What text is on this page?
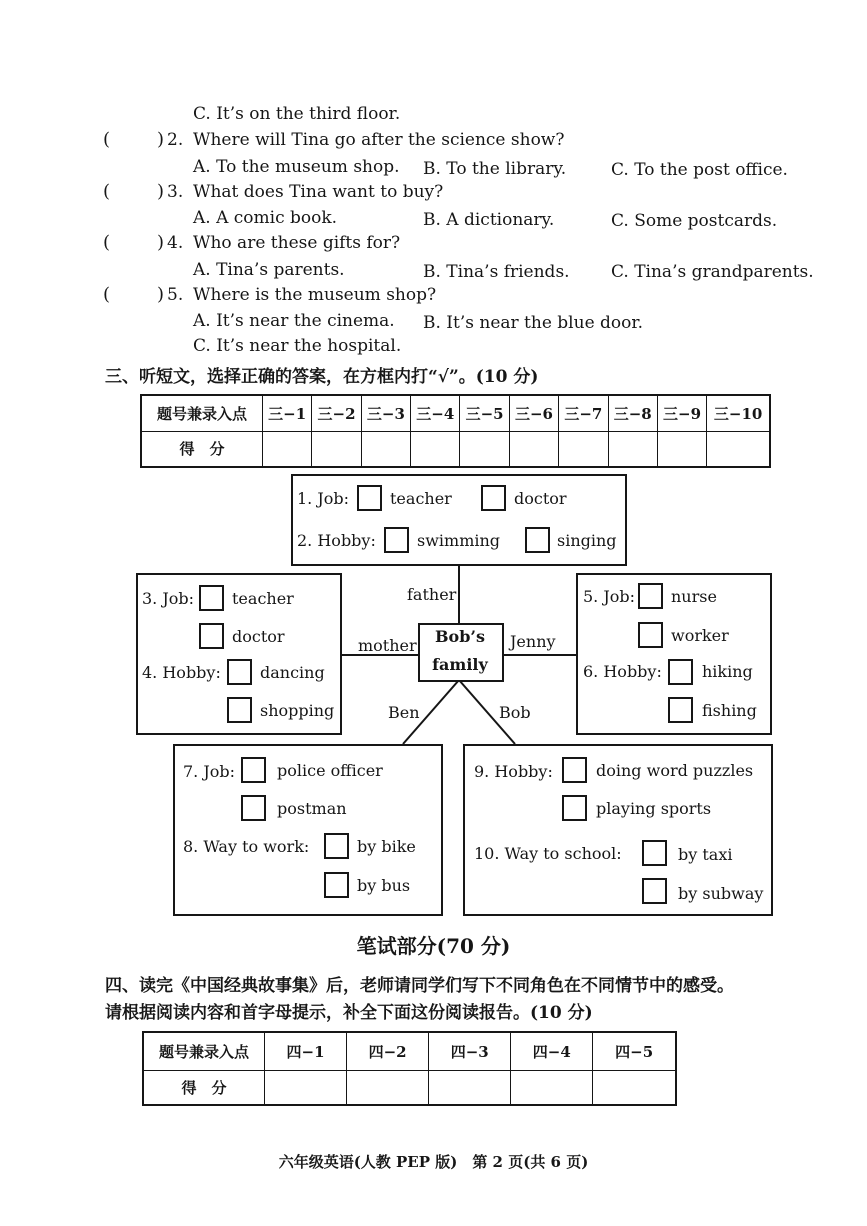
C. It’s on the third floor.
(	) 2. Where will Tina go after the science show?
A. To the museum shop. B. To the library.	C. To the post office.
(	) 3. What does Tina want to buy?
A. A comic book.	B. A dictionary.	C. Some postcards.
(	) 4. Who are these gifts for?
A. Tina’s parents.	B. Tina’s friends. C. Tina’s grandparents.
(	) 5. Where is the museum shop?
A. It’s near the cinema. B. It’s near the blue door.
C. It’s near the hospital.
三、听短文，选择正确的答案，在方框内打“√”。(10 分)
题号兼录入点	三−1	三−2	三−3	三−4	三−5	三−6	三−7	三−8	三−9	三−10
得　分										
1. Job:	teacher	doctor
2. Hobby:	swimming	singing
3. Job: teacher
doctor
4. Hobby: dancing
shopping
5. Job: nurse
worker
6. Hobby:	hiking
fishing
Bob’s
family
father
mother	Jenny
Ben	Bob
7. Job:	police officer
postman
8. Way to work:	by bike
by bus
9. Hobby:	doing word puzzles
playing sports
10. Way to school:	by taxi
by subway
笔试部分(70 分)
四、读完《中国经典故事集》后，老师请同学们写下不同角色在不同情节中的感受。
请根据阅读内容和首字母提示，补全下面这份阅读报告。(10 分)
题号兼录入点	四−1	四−2	四−3	四−4	四−5
得　分					
六年级英语(人教 PEP 版)　第 2 页(共 6 页)
